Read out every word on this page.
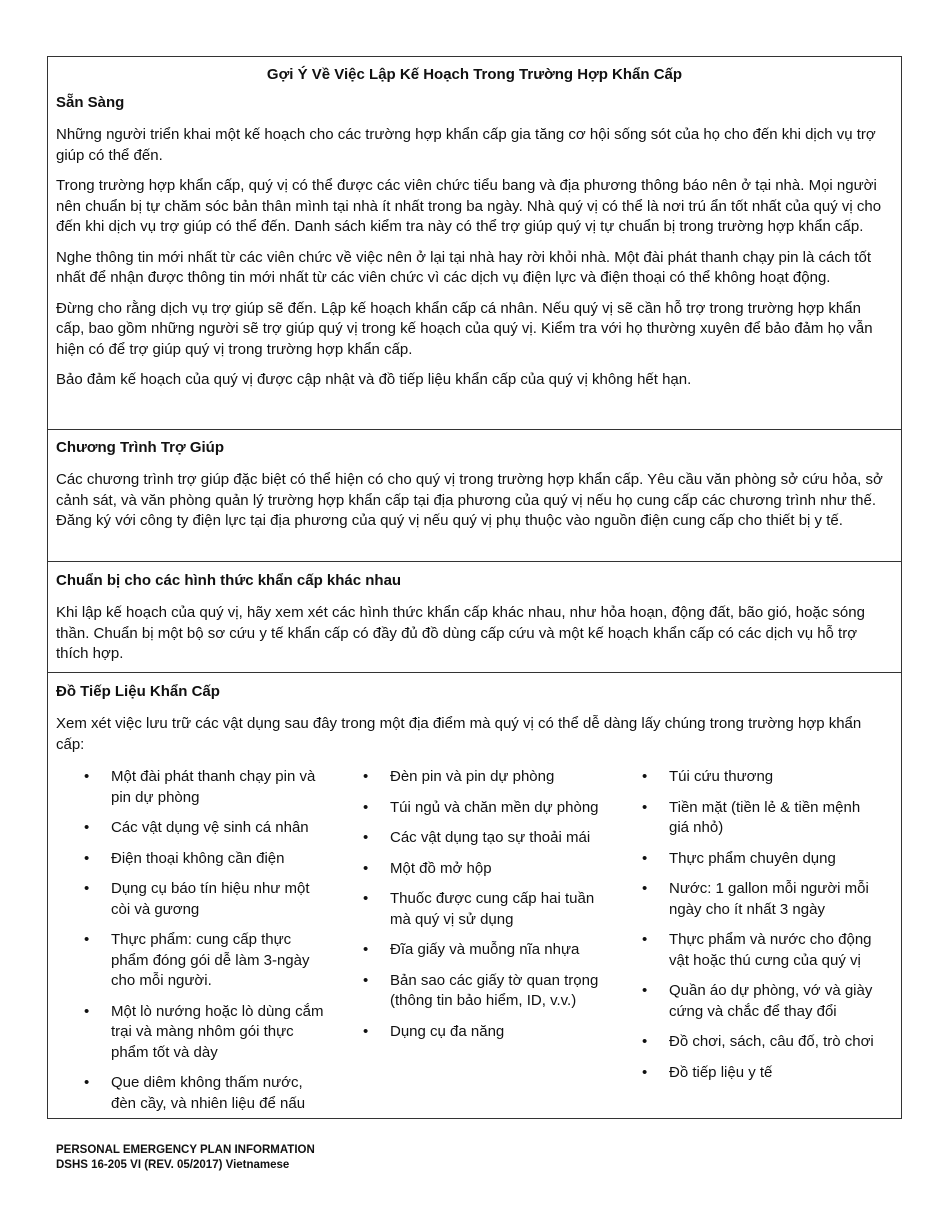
Gợi Ý Về Việc Lập Kế Hoạch Trong Trường Hợp Khẩn Cấp
Sẵn Sàng

Những người triển khai một kế hoạch cho các trường hợp khẩn cấp gia tăng cơ hội sống sót của họ cho đến khi dịch vụ trợ giúp có thể đến.

Trong trường hợp khẩn cấp, quý vị có thể được các viên chức tiểu bang và địa phương thông báo nên ở tại nhà. Mọi người nên chuẩn bị tự chăm sóc bản thân mình tại nhà ít nhất trong ba ngày. Nhà quý vị có thể là nơi trú ẩn tốt nhất của quý vị cho đến khi dịch vụ trợ giúp có thể đến. Danh sách kiểm tra này có thể trợ giúp quý vị tự chuẩn bị trong trường hợp khẩn cấp.

Nghe thông tin mới nhất từ các viên chức về việc nên ở lại tại nhà hay rời khỏi nhà. Một đài phát thanh chạy pin là cách tốt nhất để nhận được thông tin mới nhất từ các viên chức vì các dịch vụ điện lực và điện thoại có thể không hoạt động.

Đừng cho rằng dịch vụ trợ giúp sẽ đến. Lập kế hoạch khẩn cấp cá nhân. Nếu quý vị sẽ cần hỗ trợ trong trường hợp khẩn cấp, bao gồm những người sẽ trợ giúp quý vị trong kế hoạch của quý vị. Kiểm tra với họ thường xuyên để bảo đảm họ vẫn hiện có để trợ giúp quý vị trong trường hợp khẩn cấp.

Bảo đảm kế hoạch của quý vị được cập nhật và đồ tiếp liệu khẩn cấp của quý vị không hết hạn.

Chương Trình Trợ Giúp

Các chương trình trợ giúp đặc biệt có thể hiện có cho quý vị trong trường hợp khẩn cấp. Yêu cầu văn phòng sở cứu hỏa, sở cảnh sát, và văn phòng quản lý trường hợp khẩn cấp tại địa phương của quý vị nếu họ cung cấp các chương trình như thế. Đăng ký với công ty điện lực tại địa phương của quý vị nếu quý vị phụ thuộc vào nguồn điện cung cấp cho thiết bị y tế.

Chuẩn bị cho các hình thức khẩn cấp khác nhau

Khi lập kế hoạch của quý vị, hãy xem xét các hình thức khẩn cấp khác nhau, như hỏa hoạn, động đất, bão gió, hoặc sóng thần. Chuẩn bị một bộ sơ cứu y tế khẩn cấp có đầy đủ đồ dùng cấp cứu và một kế hoạch khẩn cấp có các dịch vụ hỗ trợ thích hợp.

Đồ Tiếp Liệu Khẩn Cấp

Xem xét việc lưu trữ các vật dụng sau đây trong một địa điểm mà quý vị có thể dễ dàng lấy chúng trong trường hợp khẩn cấp:

• Một đài phát thanh chạy pin và pin dự phòng
• Các vật dụng vệ sinh cá nhân
• Điện thoại không cần điện
• Dụng cụ báo tín hiệu như một còi và gương
• Thực phẩm: cung cấp thực phẩm đóng gói dễ làm 3-ngày cho mỗi người.
• Một lò nướng hoặc lò dùng cắm trại và màng nhôm gói thực phẩm tốt và dày
• Que diêm không thấm nước, đèn cầy, và nhiên liệu để nấu
• Đèn pin và pin dự phòng
• Túi ngủ và chăn mền dự phòng
• Các vật dụng tạo sự thoải mái
• Một đồ mở hộp
• Thuốc được cung cấp hai tuần mà quý vị sử dụng
• Đĩa giấy và muỗng nĩa nhựa
• Bản sao các giấy tờ quan trọng (thông tin bảo hiểm, ID, v.v.)
• Dụng cụ đa năng
• Túi cứu thương
• Tiền mặt (tiền lẻ & tiền mệnh giá nhỏ)
• Thực phẩm chuyên dụng
• Nước: 1 gallon mỗi người mỗi ngày cho ít nhất 3 ngày
• Thực phẩm và nước cho động vật hoặc thú cưng của quý vị
• Quần áo dự phòng, vớ và giày cứng và chắc để thay đổi
• Đồ chơi, sách, câu đố, trò chơi
• Đồ tiếp liệu y tế
PERSONAL EMERGENCY PLAN INFORMATION
DSHS 16-205 VI (REV. 05/2017) Vietnamese
